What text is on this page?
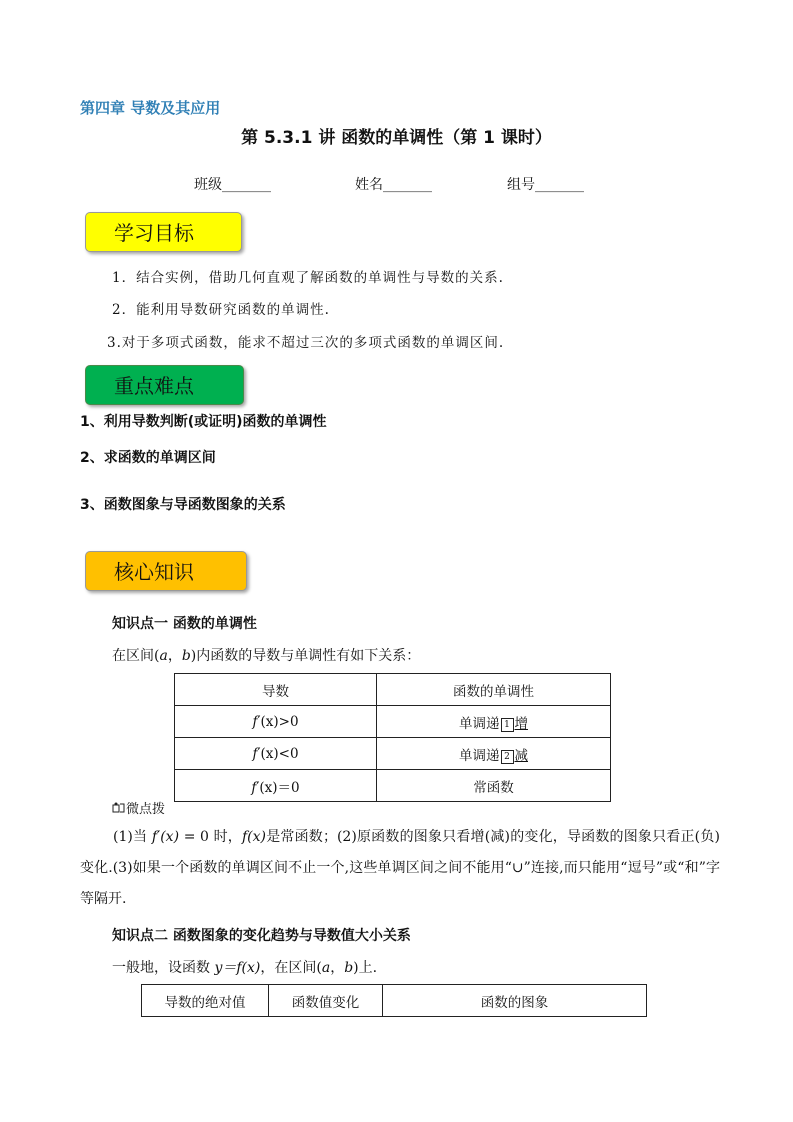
第四章 导数及其应用
第 5.3.1 讲 函数的单调性（第 1 课时）
班级_______	姓名_______	组号_______
学习目标
1．结合实例，借助几何直观了解函数的单调性与导数的关系.
2．能利用导数研究函数的单调性.
3.对于多项式函数，能求不超过三次的多项式函数的单调区间.
重点难点
1、利用导数判断(或证明)函数的单调性
2、求函数的单调区间
3、函数图象与导函数图象的关系
核心知识
知识点一 函数的单调性
在区间(a，b)内函数的导数与单调性有如下关系：
导数	函数的单调性
f′(x)>0	单调递 1 增
f′(x)<0	单调递 2 减
f′(x)＝0	常函数
微点拨
(1)当 f′(x) = 0 时，f(x)是常函数；(2)原函数的图象只看增(减)的变化，导函数的图象只看正(负)变化.(3)如果一个函数的单调区间不止一个,这些单调区间之间不能用“∪”连接,而只能用“逗号”或“和”字等隔开.
知识点二 函数图象的变化趋势与导数值大小关系
一般地，设函数 y＝f(x)，在区间(a，b)上.
导数的绝对值	函数值变化	函数的图象
